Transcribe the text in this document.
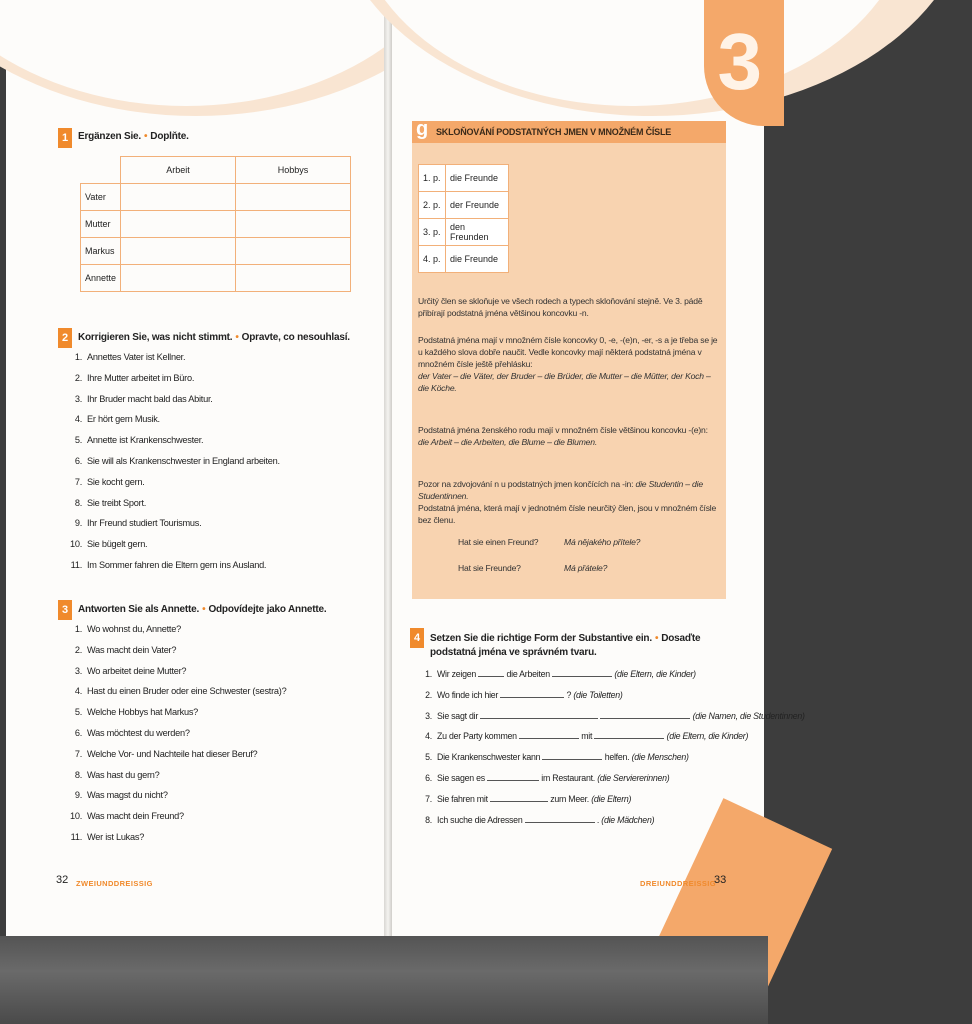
1 Ergänzen Sie. • Doplňte.
	Arbeit	Hobbys
Vater		
Mutter		
Markus		
Annette		
2 Korrigieren Sie, was nicht stimmt. • Opravte, co nesouhlasí.
1. Annettes Vater ist Kellner.
2. Ihre Mutter arbeitet im Büro.
3. Ihr Bruder macht bald das Abitur.
4. Er hört gern Musik.
5. Annette ist Krankenschwester.
6. Sie will als Krankenschwester in England arbeiten.
7. Sie kocht gern.
8. Sie treibt Sport.
9. Ihr Freund studiert Tourismus.
10. Sie bügelt gern.
11. Im Sommer fahren die Eltern gern ins Ausland.
3 Antworten Sie als Annette. • Odpovídejte jako Annette.
1. Wo wohnst du, Annette?
2. Was macht dein Vater?
3. Wo arbeitet deine Mutter?
4. Hast du einen Bruder oder eine Schwester (sestra)?
5. Welche Hobbys hat Markus?
6. Was möchtest du werden?
7. Welche Vor- und Nachteile hat dieser Beruf?
8. Was hast du gern?
9. Was magst du nicht?
10. Was macht dein Freund?
11. Wer ist Lukas?
32 ZWEIUNDDREISSIG
3
g SKLOŇOVÁNÍ PODSTATNÝCH JMEN V MNOŽNÉM ČÍSLE
1. p.	die Freunde
2. p.	der Freunde
3. p.	den Freunden
4. p.	die Freunde
Určitý člen se skloňuje ve všech rodech a typech skloňování stejně. Ve 3. pádě přibírají podstatná jména většinou koncovku -n.
Podstatná jména mají v množném čísle koncovky 0, -e, -(e)n, -er, -s a je třeba se je u každého slova dobře naučit. Vedle koncovky mají některá podstatná jména v množném čísle ještě přehlásku:
der Vater – die Väter, der Bruder – die Brüder, die Mutter – die Mütter, der Koch – die Köche.
Podstatná jména ženského rodu mají v množném čísle většinou koncovku -(e)n:
die Arbeit – die Arbeiten, die Blume – die Blumen.
Pozor na zdvojování n u podstatných jmen končících na -in: die Studentin – die Studentinnen.
Podstatná jména, která mají v jednotném čísle neurčitý člen, jsou v množném čísle bez členu.
Hat sie einen Freund?	Má nějakého přítele?
Hat sie Freunde?	Má přátele?
4 Setzen Sie die richtige Form der Substantive ein. • Dosaďte podstatná jména ve správném tvaru.
1. Wir zeigen	die Arbeiten	(die Eltern, die Kinder)
2. Wo finde ich hier	? (die Toiletten)
3. Sie sagt dir	(die Namen, die Studentinnen)
4. Zu der Party kommen	mit	(die Eltern, die Kinder)
5. Die Krankenschwester kann	helfen. (die Menschen)
6. Sie sagen es	im Restaurant. (die Serviererinnen)
7. Sie fahren mit	zum Meer. (die Eltern)
8. Ich suche die Adressen	. (die Mädchen)
DREIUNDDREISSIG
33
